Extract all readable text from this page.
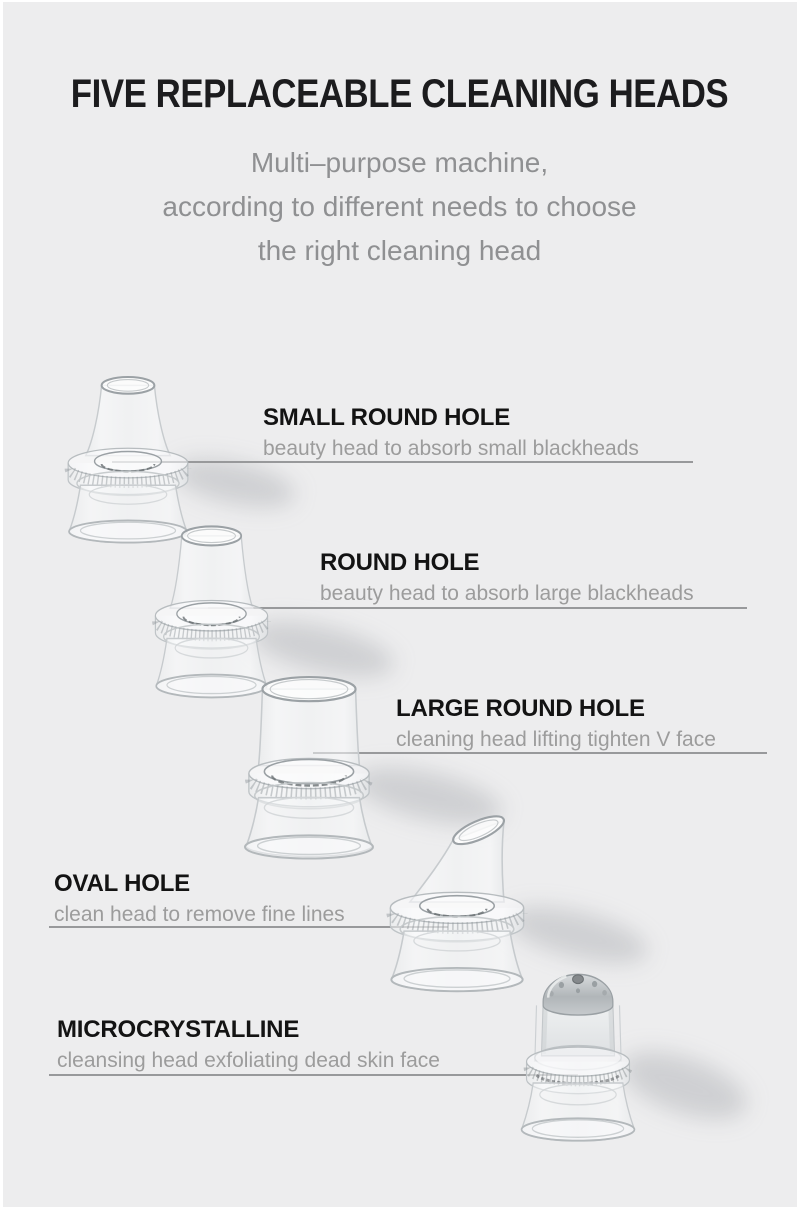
FIVE REPLACEABLE CLEANING HEADS
Multi–purpose machine,
according to different needs to choose
the right cleaning head
SMALL ROUND HOLE

beauty head to absorb small blackheads

ROUND HOLE

beauty head to absorb large blackheads

LARGE ROUND HOLE

cleaning head lifting tighten V face

OVAL HOLE

clean head to remove fine lines

MICROCRYSTALLINE

cleansing head exfoliating dead skin face
